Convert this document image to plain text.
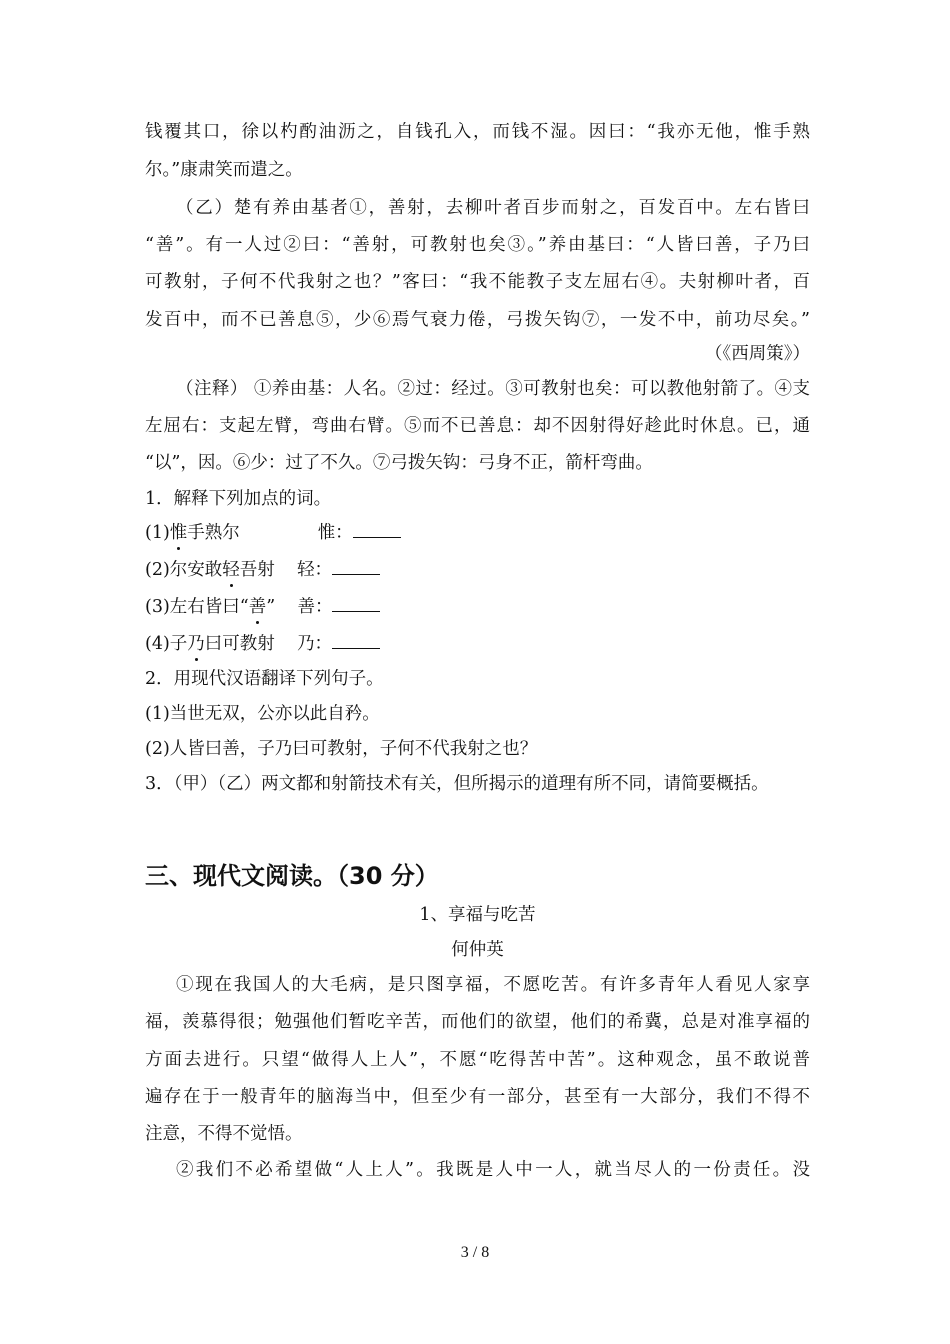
钱覆其口，徐以杓酌油沥之，自钱孔入，而钱不湿。因曰：“我亦无他，惟手熟
尔。”康肃笑而遣之。
（乙）楚有养由基者①，善射，去柳叶者百步而射之，百发百中。左右皆曰
“善”。有一人过②曰：“善射，可教射也矣③。”养由基曰：“人皆曰善，子乃曰
可教射，子何不代我射之也？”客曰：“我不能教子支左屈右④。夫射柳叶者，百
发百中，而不已善息⑤，少⑥焉气衰力倦，弓拨矢钩⑦，一发不中，前功尽矣。”
（《西周策》）
（注释） ①养由基：人名。②过：经过。③可教射也矣：可以教他射箭了。④支
左屈右：支起左臂，弯曲右臂。⑤而不已善息：却不因射得好趁此时休息。已，通
“以”，因。⑥少：过了不久。⑦弓拨矢钩：弓身不正，箭杆弯曲。
1．解释下列加点的词。
(1)惟手熟尔	惟：
(2)尔安敢轻吾射 轻：
(3)左右皆曰“善” 善：
(4)子乃曰可教射 乃：
2．用现代汉语翻译下列句子。
(1)当世无双，公亦以此自矜。
(2)人皆曰善，子乃曰可教射，子何不代我射之也？
3．（甲）（乙）两文都和射箭技术有关，但所揭示的道理有所不同，请简要概括。
三、现代文阅读。（30 分）
1、享福与吃苦
何仲英
①现在我国人的大毛病，是只图享福，不愿吃苦。有许多青年人看见人家享
福，羡慕得很；勉强他们暂吃辛苦，而他们的欲望，他们的希冀，总是对准享福的
方面去进行。只望“做得人上人”，不愿“吃得苦中苦”。这种观念，虽不敢说普
遍存在于一般青年的脑海当中，但至少有一部分，甚至有一大部分，我们不得不
注意，不得不觉悟。
②我们不必希望做“人上人”。我既是人中一人，就当尽人的一份责任。没
3 / 8
